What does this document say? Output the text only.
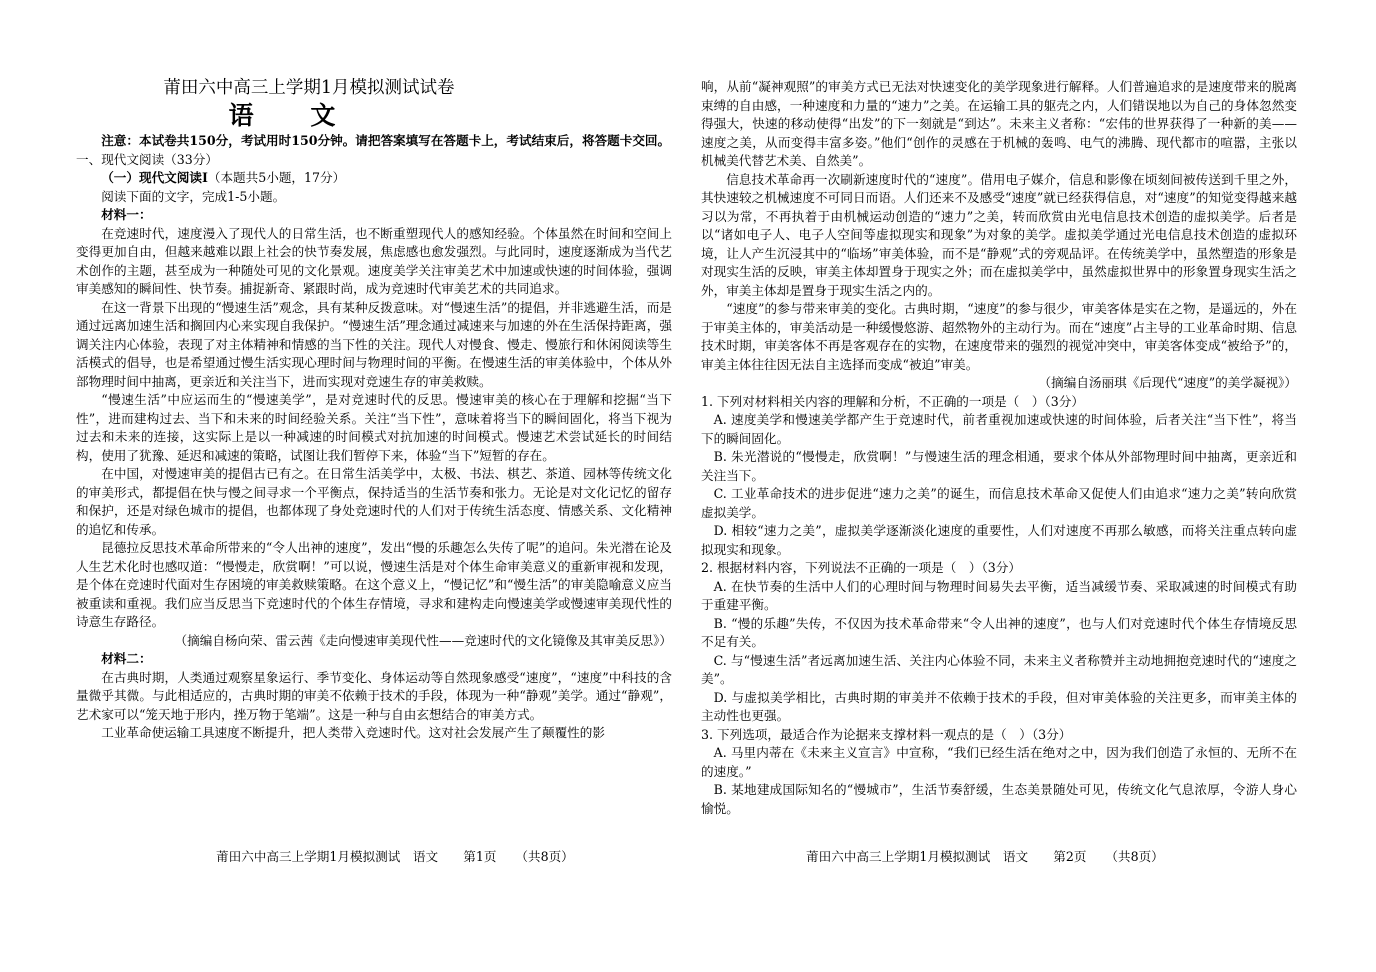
莆田六中高三上学期1月模拟测试试卷

语 文

注意：本试卷共150分，考试用时150分钟。请把答案填写在答题卡上，考试结束后，将答题卡交回。

一、现代文阅读（33分）

（一）现代文阅读Ⅰ（本题共5小题，17分）

阅读下面的文字，完成1-5小题。

材料一：

在竞速时代，速度漫入了现代人的日常生活，也不断重塑现代人的感知经验。个体虽然在时间和空间上变得更加自由，但越来越难以跟上社会的快节奏发展，焦虑感也愈发强烈。与此同时，速度逐渐成为当代艺术创作的主题，甚至成为一种随处可见的文化景观。速度美学关注审美艺术中加速或快速的时间体验，强调审美感知的瞬间性、快节奏。捕捉新奇、紧跟时尚，成为竞速时代审美艺术的共同追求。

在这一背景下出现的“慢速生活”观念，具有某种反拨意味。对“慢速生活”的提倡，并非逃避生活，而是通过远离加速生活和搁回内心来实现自我保护。“慢速生活”理念通过减速来与加速的外在生活保持距离，强调关注内心体验，表现了对主体精神和情感的当下性的关注。现代人对慢食、慢走、慢旅行和休闲阅读等生活模式的倡导，也是希望通过慢生活实现心理时间与物理时间的平衡。在慢速生活的审美体验中，个体从外部物理时间中抽离，更亲近和关注当下，进而实现对竞速生存的审美救赎。

“慢速生活”中应运而生的“慢速美学”，是对竞速时代的反思。慢速审美的核心在于理解和挖掘“当下性”，进而建构过去、当下和未来的时间经验关系。关注“当下性”，意味着将当下的瞬间固化，将当下视为过去和未来的连接，这实际上是以一种减速的时间模式对抗加速的时间模式。慢速艺术尝试延长的时间结构，使用了犹豫、延迟和减速的策略，试图让我们暂停下来，体验“当下”短暂的存在。

在中国，对慢速审美的提倡古已有之。在日常生活美学中，太极、书法、棋艺、茶道、园林等传统文化的审美形式，都提倡在快与慢之间寻求一个平衡点，保持适当的生活节奏和张力。无论是对文化记忆的留存和保护，还是对绿色城市的提倡，也都体现了身处竞速时代的人们对于传统生活态度、情感关系、文化精神的追忆和传承。

昆德拉反思技术革命所带来的“令人出神的速度”，发出“慢的乐趣怎么失传了呢”的追问。朱光潜在论及人生艺术化时也感叹道：“慢慢走，欣赏啊！”可以说，慢速生活是对个体生命审美意义的重新审视和发现，是个体在竞速时代面对生存困境的审美救赎策略。在这个意义上，“慢记忆”和“慢生活”的审美隐喻意义应当被重读和重视。我们应当反思当下竞速时代的个体生存情境，寻求和建构走向慢速美学或慢速审美现代性的诗意生存路径。

（摘编自杨向荣、雷云茜《走向慢速审美现代性——竞速时代的文化镜像及其审美反思》）

材料二：

在古典时期，人类通过观察星象运行、季节变化、身体运动等自然现象感受“速度”，“速度”中科技的含量微乎其微。与此相适应的，古典时期的审美不依赖于技术的手段，体现为一种“静观”美学。通过“静观”，艺术家可以“笼天地于形内，挫万物于笔端”。这是一种与自由玄想结合的审美方式。

工业革命使运输工具速度不断提升，把人类带入竞速时代。这对社会发展产生了颠覆性的影

响，从前“凝神观照”的审美方式已无法对快速变化的美学现象进行解释。人们普遍追求的是速度带来的脱离束缚的自由感，一种速度和力量的“速力”之美。在运输工具的躯壳之内，人们错误地以为自己的身体忽然变得强大，快速的移动使得“出发”的下一刻就是“到达”。未来主义者称：“宏伟的世界获得了一种新的美——速度之美，从而变得丰富多姿。”他们“创作的灵感在于机械的轰鸣、电气的沸腾、现代都市的喧嚣，主张以机械美代替艺术美、自然美”。

信息技术革命再一次刷新速度时代的“速度”。借用电子媒介，信息和影像在顷刻间被传送到千里之外，其快速较之机械速度不可同日而语。人们还来不及感受“速度”就已经获得信息，对“速度”的知觉变得越来越习以为常，不再执着于由机械运动创造的“速力”之美，转而欣赏由光电信息技术创造的虚拟美学。后者是以“诸如电子人、电子人空间等虚拟现实和现象”为对象的美学。虚拟美学通过光电信息技术创造的虚拟环境，让人产生沉浸其中的“临场”审美体验，而不是“静观”式的旁观品评。在传统美学中，虽然塑造的形象是对现实生活的反映，审美主体却置身于现实之外；而在虚拟美学中，虽然虚拟世界中的形象置身现实生活之外，审美主体却是置身于现实生活之内的。

“速度”的参与带来审美的变化。古典时期，“速度”的参与很少，审美客体是实在之物，是遥远的，外在于审美主体的，审美活动是一种缓慢悠游、超然物外的主动行为。而在“速度”占主导的工业革命时期、信息技术时期，审美客体不再是客观存在的实物，在速度带来的强烈的视觉冲突中，审美客体变成“被给予”的，审美主体往往因无法自主选择而变成“被迫”审美。

（摘编自汤丽琪《后现代“速度”的美学凝视》）

1. 下列对材料相关内容的理解和分析，不正确的一项是（　）（3分）

A. 速度美学和慢速美学都产生于竞速时代，前者重视加速或快速的时间体验，后者关注“当下性”，将当下的瞬间固化。

B. 朱光潜说的“慢慢走，欣赏啊！”与慢速生活的理念相通，要求个体从外部物理时间中抽离，更亲近和关注当下。

C. 工业革命技术的进步促进“速力之美”的诞生，而信息技术革命又促使人们由追求“速力之美”转向欣赏虚拟美学。

D. 相较“速力之美”，虚拟美学逐渐淡化速度的重要性，人们对速度不再那么敏感，而将关注重点转向虚拟现实和现象。

2. 根据材料内容，下列说法不正确的一项是（　）（3分）

A. 在快节奏的生活中人们的心理时间与物理时间易失去平衡，适当减缓节奏、采取减速的时间模式有助于重建平衡。

B. “慢的乐趣”失传，不仅因为技术革命带来“令人出神的速度”，也与人们对竞速时代个体生存情境反思不足有关。

C. 与“慢速生活”者远离加速生活、关注内心体验不同，未来主义者称赞并主动地拥抱竞速时代的“速度之美”。

D. 与虚拟美学相比，古典时期的审美并不依赖于技术的手段，但对审美体验的关注更多，而审美主体的主动性也更强。

3. 下列选项，最适合作为论据来支撑材料一观点的是（　）（3分）

A. 马里内蒂在《未来主义宣言》中宣称，“我们已经生活在绝对之中，因为我们创造了永恒的、无所不在的速度。”

B. 某地建成国际知名的“慢城市”，生活节奏舒缓，生态美景随处可见，传统文化气息浓厚，令游人身心愉悦。

莆田六中高三上学期1月模拟测试　语文　　第1页　　（共8页）	莆田六中高三上学期1月模拟测试　语文　　第2页　　（共8页）
